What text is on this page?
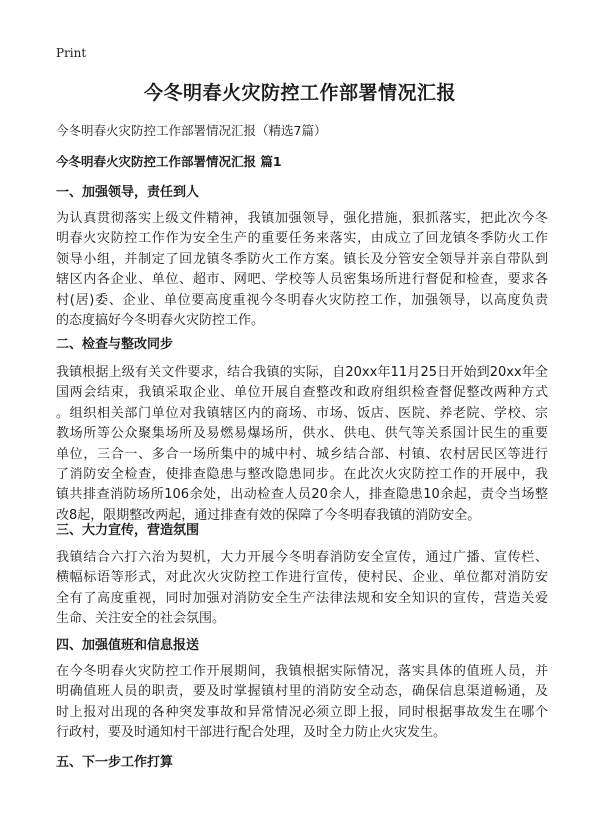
Print
今冬明春火灾防控工作部署情况汇报
今冬明春火灾防控工作部署情况汇报（精选7篇）
今冬明春火灾防控工作部署情况汇报 篇1
一、加强领导，责任到人
为认真贯彻落实上级文件精神，我镇加强领导，强化措施，狠抓落实，把此次今冬
明春火灾防控工作作为安全生产的重要任务来落实，由成立了回龙镇冬季防火工作
领导小组，并制定了回龙镇冬季防火工作方案。镇长及分管安全领导并亲自带队到
辖区内各企业、单位、超市、网吧、学校等人员密集场所进行督促和检查，要求各
村(居)委、企业、单位要高度重视今冬明春火灾防控工作，加强领导，以高度负责
的态度搞好今冬明春火灾防控工作。
二、检查与整改同步
我镇根据上级有关文件要求，结合我镇的实际，自20xx年11月25日开始到20xx年全
国两会结束，我镇采取企业、单位开展自查整改和政府组织检查督促整改两种方式
。组织相关部门单位对我镇辖区内的商场、市场、饭店、医院、养老院、学校、宗
教场所等公众聚集场所及易燃易爆场所，供水、供电、供气等关系国计民生的重要
单位，三合一、多合一场所集中的城中村、城乡结合部、村镇、农村居民区等进行
了消防安全检查，使排查隐患与整改隐患同步。在此次火灾防控工作的开展中，我
镇共排查消防场所106余处，出动检查人员20余人，排查隐患10余起，责令当场整
改8起，限期整改两起，通过排查有效的保障了今冬明春我镇的消防安全。
三、大力宣传，营造氛围
我镇结合六打六治为契机，大力开展今冬明春消防安全宣传，通过广播、宣传栏、
横幅标语等形式，对此次火灾防控工作进行宣传，使村民、企业、单位都对消防安
全有了高度重视，同时加强对消防安全生产法律法规和安全知识的宣传，营造关爱
生命、关注安全的社会氛围。
四、加强值班和信息报送
在今冬明春火灾防控工作开展期间，我镇根据实际情况，落实具体的值班人员，并
明确值班人员的职责，要及时掌握镇村里的消防安全动态，确保信息渠道畅通，及
时上报对出现的各种突发事故和异常情况必须立即上报，同时根据事故发生在哪个
行政村，要及时通知村干部进行配合处理，及时全力防止火灾发生。
五、下一步工作打算
